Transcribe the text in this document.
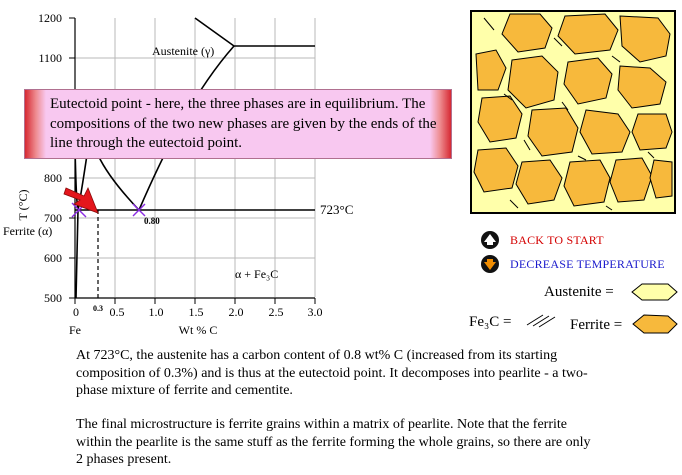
1200
1100
800
700
600
500
0	0.5 1.0 1.5 2.0 2.5 3.0
0.3
Fe	Wt % C
T (°C)
0.80
723°C
Austenite (γ)
Ferrite (α)
α + Fe₃C
Eutectoid point - here, the three phases are in equilibrium. The compositions of the two new phases are given by the ends of the line through the eutectoid point.
BACK TO START
DECREASE TEMPERATURE
Austenite =
Fe₃C =	Ferrite =
At 723°C, the austenite has a carbon content of 0.8 wt% C (increased from its starting composition of 0.3%) and is thus at the eutectoid point. It decomposes into pearlite - a two-phase mixture of ferrite and cementite.
The final microstructure is ferrite grains within a matrix of pearlite. Note that the ferrite within the pearlite is the same stuff as the ferrite forming the whole grains, so there are only 2 phases present.
